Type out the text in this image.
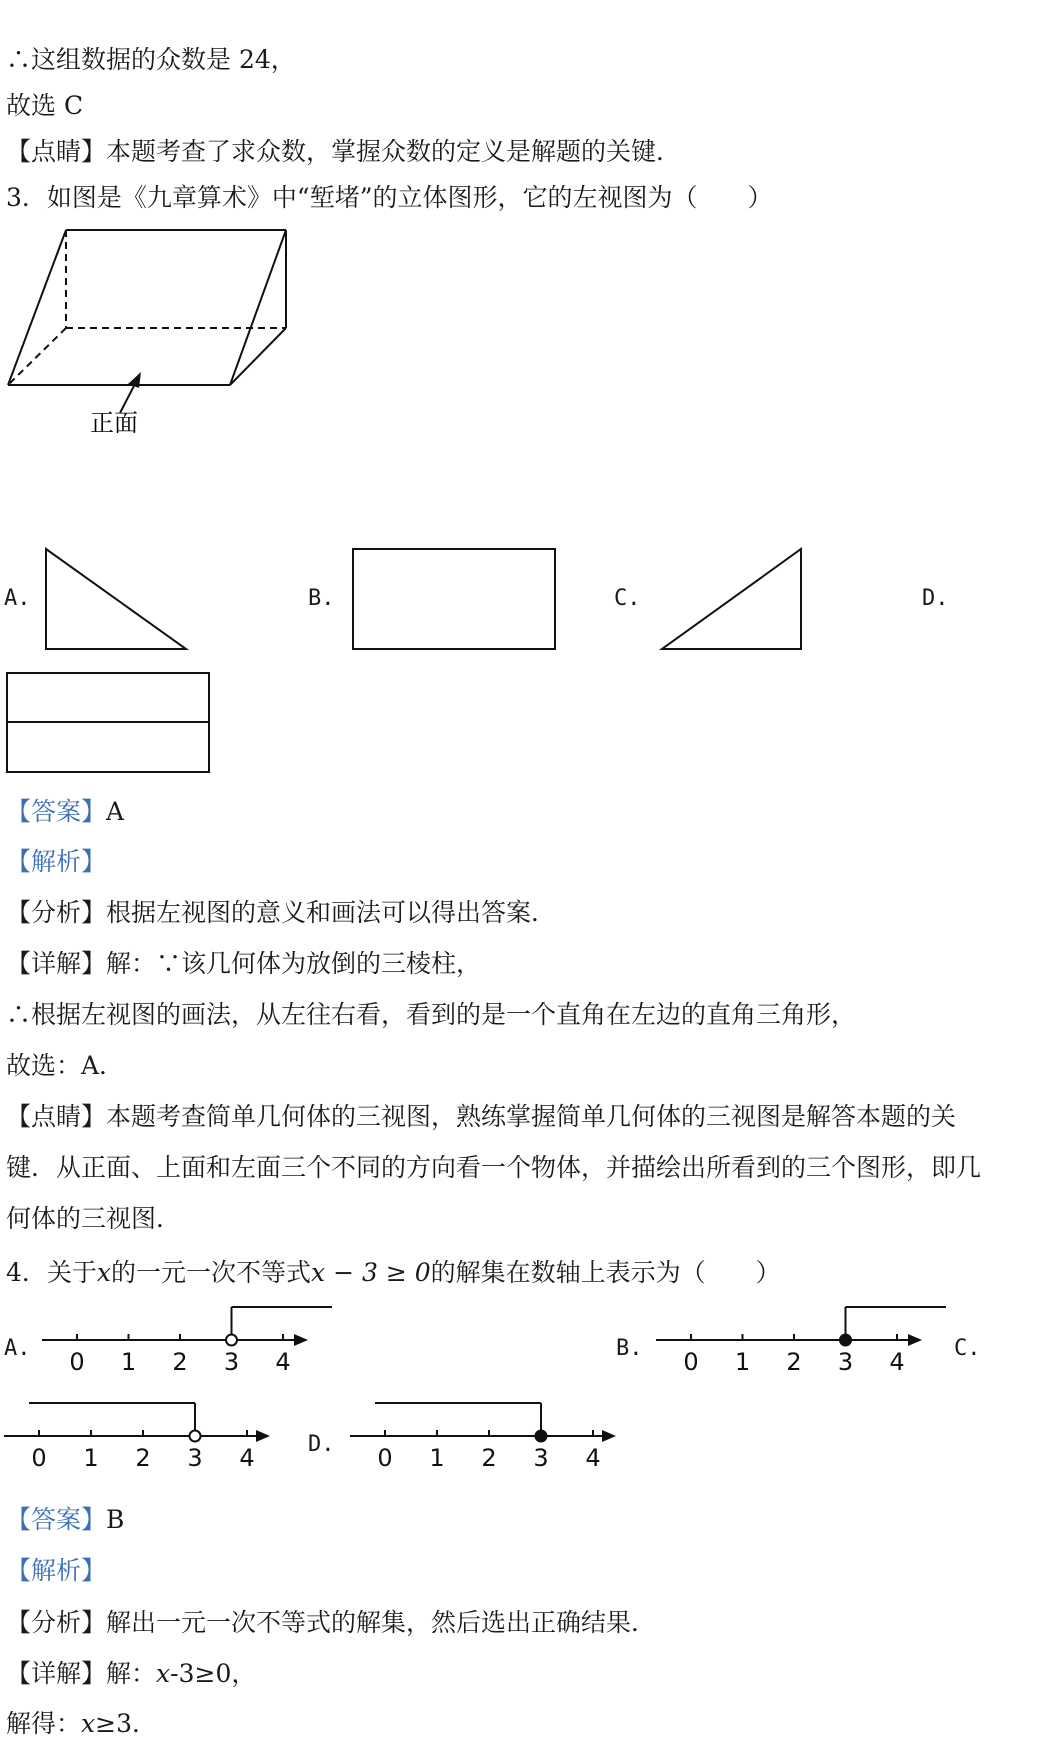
∴这组数据的众数是 24，

故选 C

【点睛】本题考查了求众数，掌握众数的定义是解题的关键．

3．如图是《九章算术》中“堑堵”的立体图形，它的左视图为（　　）

正面
A.	B.	C.	D.

【答案】A

【解析】

【分析】根据左视图的意义和画法可以得出答案．

【详解】解：∵该几何体为放倒的三棱柱，

∴根据左视图的画法，从左往右看，看到的是一个直角在左边的直角三角形，

故选：A．

【点睛】本题考查简单几何体的三视图，熟练掌握简单几何体的三视图是解答本题的关

键．从正面、上面和左面三个不同的方向看一个物体，并描绘出所看到的三个图形，即几

何体的三视图．

4．关于x的一元一次不等式x − 3 ≥ 0的解集在数轴上表示为（　　）

A.	B.	C.
D.
0 1 2 3 4	0 1 2 3 4
0 1 2 3 4	0 1 2 3 4

【答案】B

【解析】

【分析】解出一元一次不等式的解集，然后选出正确结果．

【详解】解：x-3≥0，

解得：x≥3．
